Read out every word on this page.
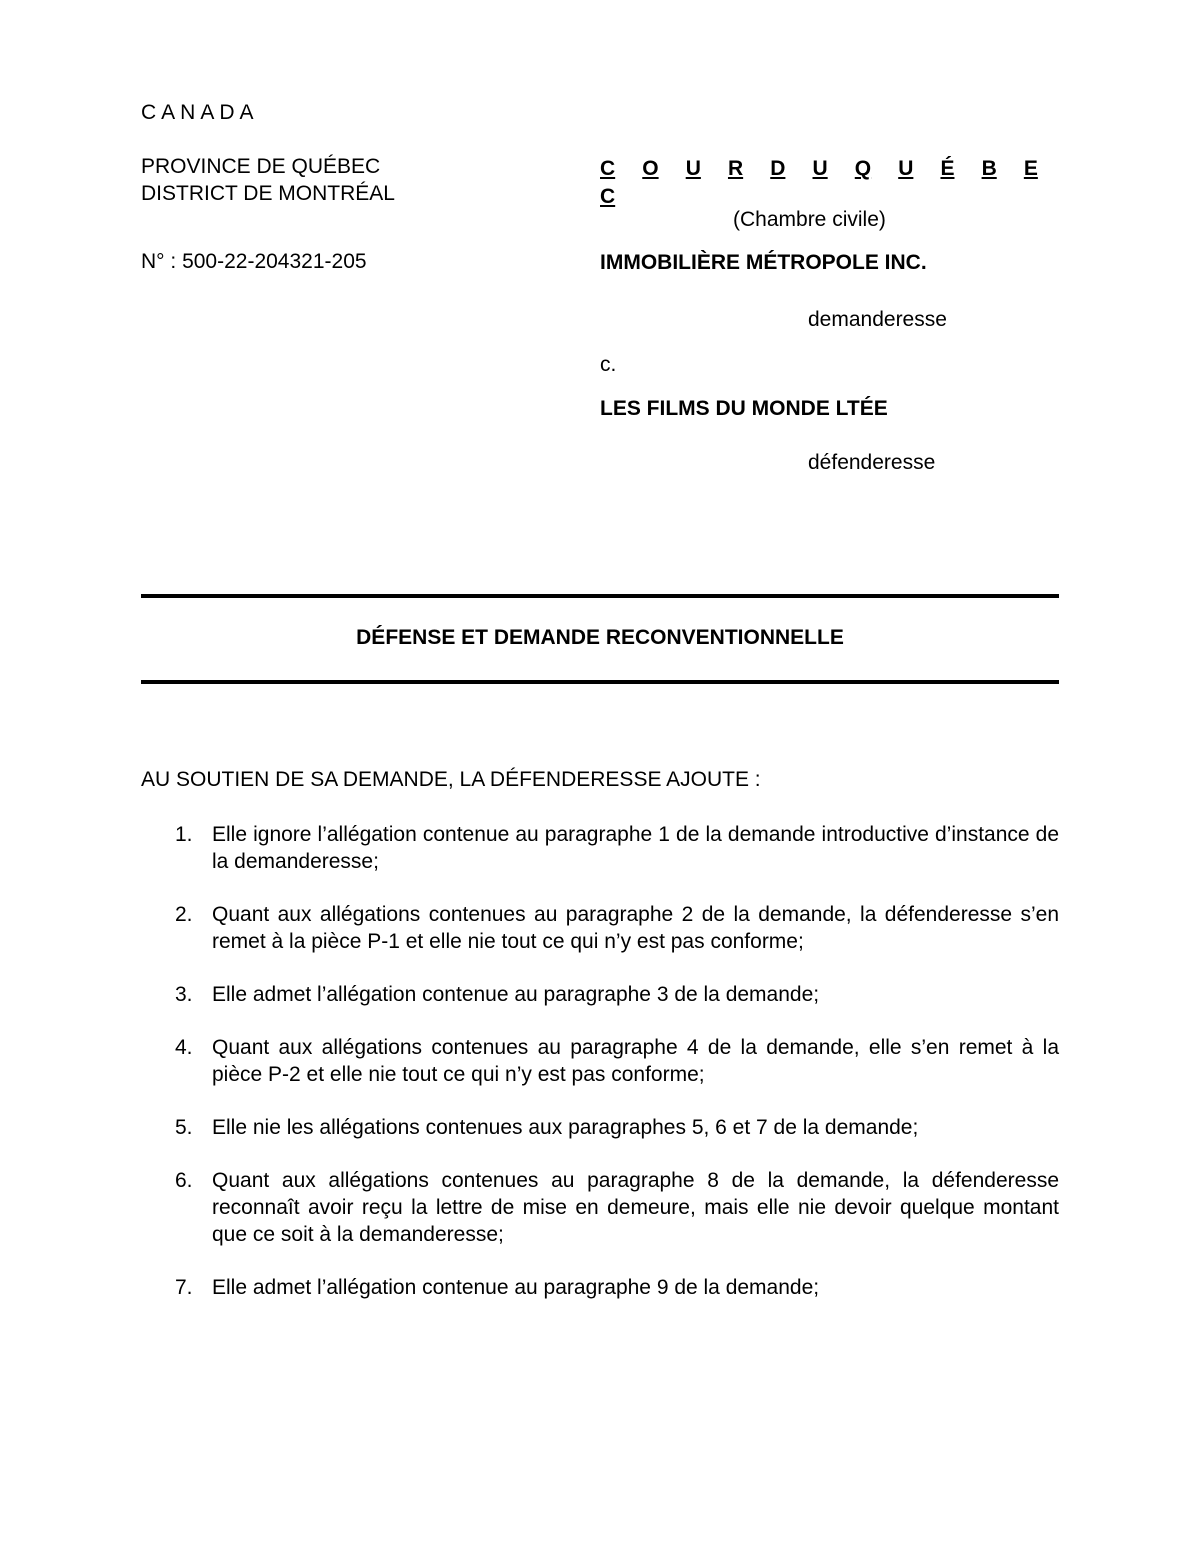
CANADA
PROVINCE DE QUÉBEC
DISTRICT DE MONTRÉAL
N° : 500-22-204321-205
C O U R D U Q U É B E
C
(Chambre civile)
IMMOBILIÈRE MÉTROPOLE INC.
demanderesse
c.
LES FILMS DU MONDE LTÉE
défenderesse
DÉFENSE ET DEMANDE RECONVENTIONNELLE
AU SOUTIEN DE SA DEMANDE, LA DÉFENDERESSE AJOUTE :
1. Elle ignore l’allégation contenue au paragraphe 1 de la demande introductive d’instance de la demanderesse;
2. Quant aux allégations contenues au paragraphe 2 de la demande, la défenderesse s’en remet à la pièce P-1 et elle nie tout ce qui n’y est pas conforme;
3. Elle admet l’allégation contenue au paragraphe 3 de la demande;
4. Quant aux allégations contenues au paragraphe 4 de la demande, elle s’en remet à la pièce P-2 et elle nie tout ce qui n’y est pas conforme;
5. Elle nie les allégations contenues aux paragraphes 5, 6 et 7 de la demande;
6. Quant aux allégations contenues au paragraphe 8 de la demande, la défenderesse reconnaît avoir reçu la lettre de mise en demeure, mais elle nie devoir quelque montant que ce soit à la demanderesse;
7. Elle admet l’allégation contenue au paragraphe 9 de la demande;
